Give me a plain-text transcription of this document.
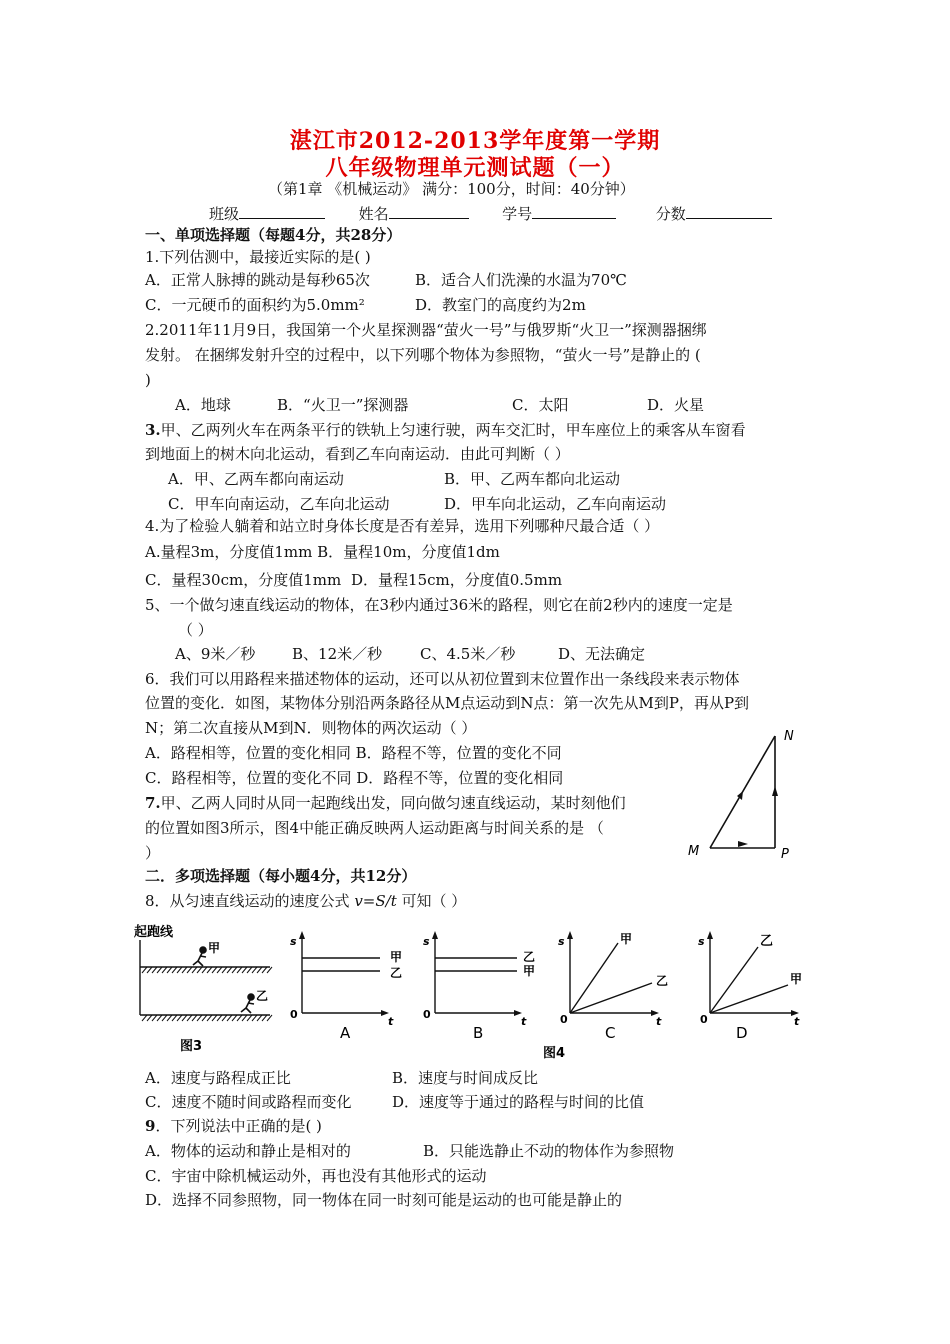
湛江市2012-2013学年度第一学期
八年级物理单元测试题（一）
（第1章 《机械运动》 满分：100分，时间：40分钟）
班级	姓名	学号	分数
一、单项选择题（每题4分，共28分）
1.下列估测中，最接近实际的是( )
A．正常人脉搏的跳动是每秒65次	B．适合人们洗澡的水温为70℃
C．一元硬币的面积约为5.0mm²	D．教室门的高度约为2m
2.2011年11月9日，我国第一个火星探测器“萤火一号”与俄罗斯“火卫一”探测器捆绑
发射。 在捆绑发射升空的过程中，以下列哪个物体为参照物，“萤火一号”是静止的 (
)
A．地球	B．“火卫一”探测器	C．太阳	D．火星
3.甲、乙两列火车在两条平行的铁轨上匀速行驶，两车交汇时，甲车座位上的乘客从车窗看
到地面上的树木向北运动，看到乙车向南运动．由此可判断（ ）
A．甲、乙两车都向南运动	B．甲、乙两车都向北运动
C．甲车向南运动，乙车向北运动	D．甲车向北运动，乙车向南运动
4.为了检验人躺着和站立时身体长度是否有差异，选用下列哪种尺最合适（ ）
A.量程3m，分度值1mm B．量程10m，分度值1dm
C．量程30cm，分度值1mm D．量程15cm，分度值0.5mm
5、一个做匀速直线运动的物体，在3秒内通过36米的路程，则它在前2秒内的速度一定是
（ ）
A、9米／秒 B、12米／秒	C、4.5米／秒	D、无法确定
6．我们可以用路程来描述物体的运动，还可以从初位置到末位置作出一条线段来表示物体
位置的变化．如图，某物体分别沿两条路径从M点运动到N点：第一次先从M到P，再从P到
N；第二次直接从M到N．则物体的两次运动（ ）
A．路程相等，位置的变化相同 B．路程不等，位置的变化不同
C．路程相等，位置的变化不同 D．路程不等，位置的变化相同
7.甲、乙两人同时从同一起跑线出发，同向做匀速直线运动，某时刻他们
的位置如图3所示，图4中能正确反映两人运动距离与时间关系的是 （
）	M	P
N
二．多项选择题（每小题4分，共12分）
8．从匀速直线运动的速度公式 v=S/t 可知（ ）
起跑线
甲
乙
图3
s
t
0
甲
乙
A
s
t
0
乙
甲
B
s
t
0
甲
乙
C
s
t
0
乙
甲
D
图4
A．速度与路程成正比	B．速度与时间成反比
C．速度不随时间或路程而变化	D．速度等于通过的路程与时间的比值
9．下列说法中正确的是( )
A．物体的运动和静止是相对的	B．只能选静止不动的物体作为参照物
C．宇宙中除机械运动外，再也没有其他形式的运动
D．选择不同参照物，同一物体在同一时刻可能是运动的也可能是静止的
